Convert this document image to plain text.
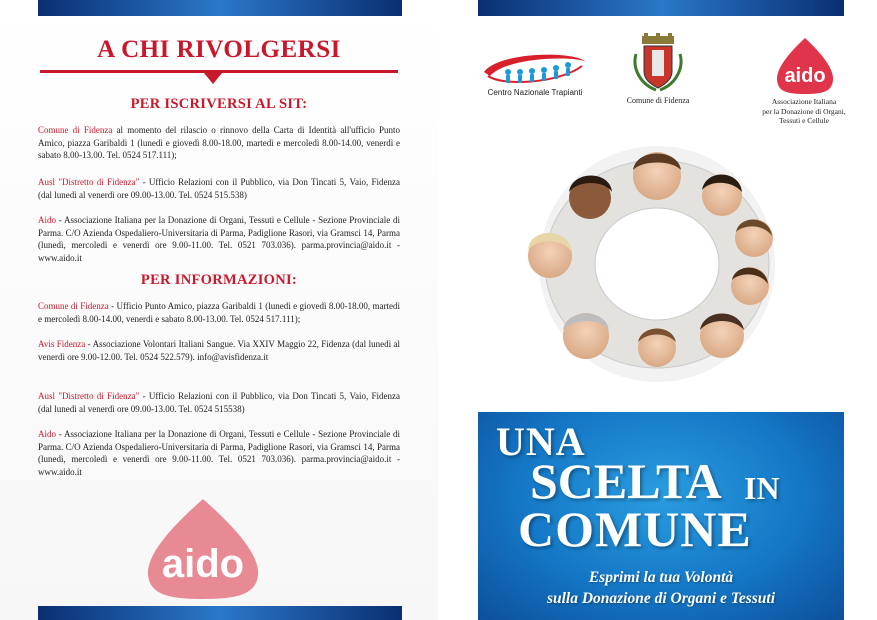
A CHI RIVOLGERSI
PER ISCRIVERSI AL SIT:

Comune di Fidenza al momento del rilascio o rinnovo della Carta di Identità all'ufficio Punto Amico, piazza Garibaldi 1 (lunedì e giovedì 8.00-18.00, martedì e mercoledì 8.00-14.00, venerdì e sabato 8.00-13.00. Tel. 0524 517.111);

Ausl "Distretto di Fidenza" - Ufficio Relazioni con il Pubblico, via Don Tincati 5, Vaio, Fidenza (dal lunedì al venerdì ore 09.00-13.00. Tel. 0524 515.538)

Aido - Associazione Italiana per la Donazione di Organi, Tessuti e Cellule - Sezione Provinciale di Parma. C/O Azienda Ospedaliero-Universitaria di Parma, Padiglione Rasori, via Gramsci 14, Parma (lunedì, mercoledì e venerdì ore 9.00-11.00. Tel. 0521 703.036). parma.provincia@aido.it - www.aido.it

PER INFORMAZIONI:

Comune di Fidenza - Ufficio Punto Amico, piazza Garibaldi 1 (lunedì e giovedì 8.00-18.00, martedì e mercoledì 8.00-14.00, venerdì e sabato 8.00-13.00. Tel. 0524 517.111);

Avis Fidenza - Associazione Volontari Italiani Sangue. Via XXIV Maggio 22, Fidenza (dal lunedì al venerdì ore 9.00-12.00. Tel. 0524 522.579). info@avisfidenza.it

Ausl "Distretto di Fidenza" - Ufficio Relazioni con il Pubblico, via Don Tincati 5, Vaio, Fidenza (dal lunedì al venerdì ore 09.00-13.00. Tel. 0524 515538)

Aido - Associazione Italiana per la Donazione di Organi, Tessuti e Cellule - Sezione Provinciale di Parma. C/O Azienda Ospedaliero-Universitaria di Parma, Padiglione Rasori, via Gramsci 14, Parma (lunedì, mercoledì e venerdì ore 9.00-11.00. Tel. 0521 703.036). parma.provincia@aido.it - www.aido.it

aido
Centro Nazionale Trapianti
Comune di Fidenza
aido
Associazione Italiana
per la Donazione di Organi,
Tessuti e Cellule
UNA
SCELTA IN
COMUNE
Esprimi la tua Volontà
sulla Donazione di Organi e Tessuti
